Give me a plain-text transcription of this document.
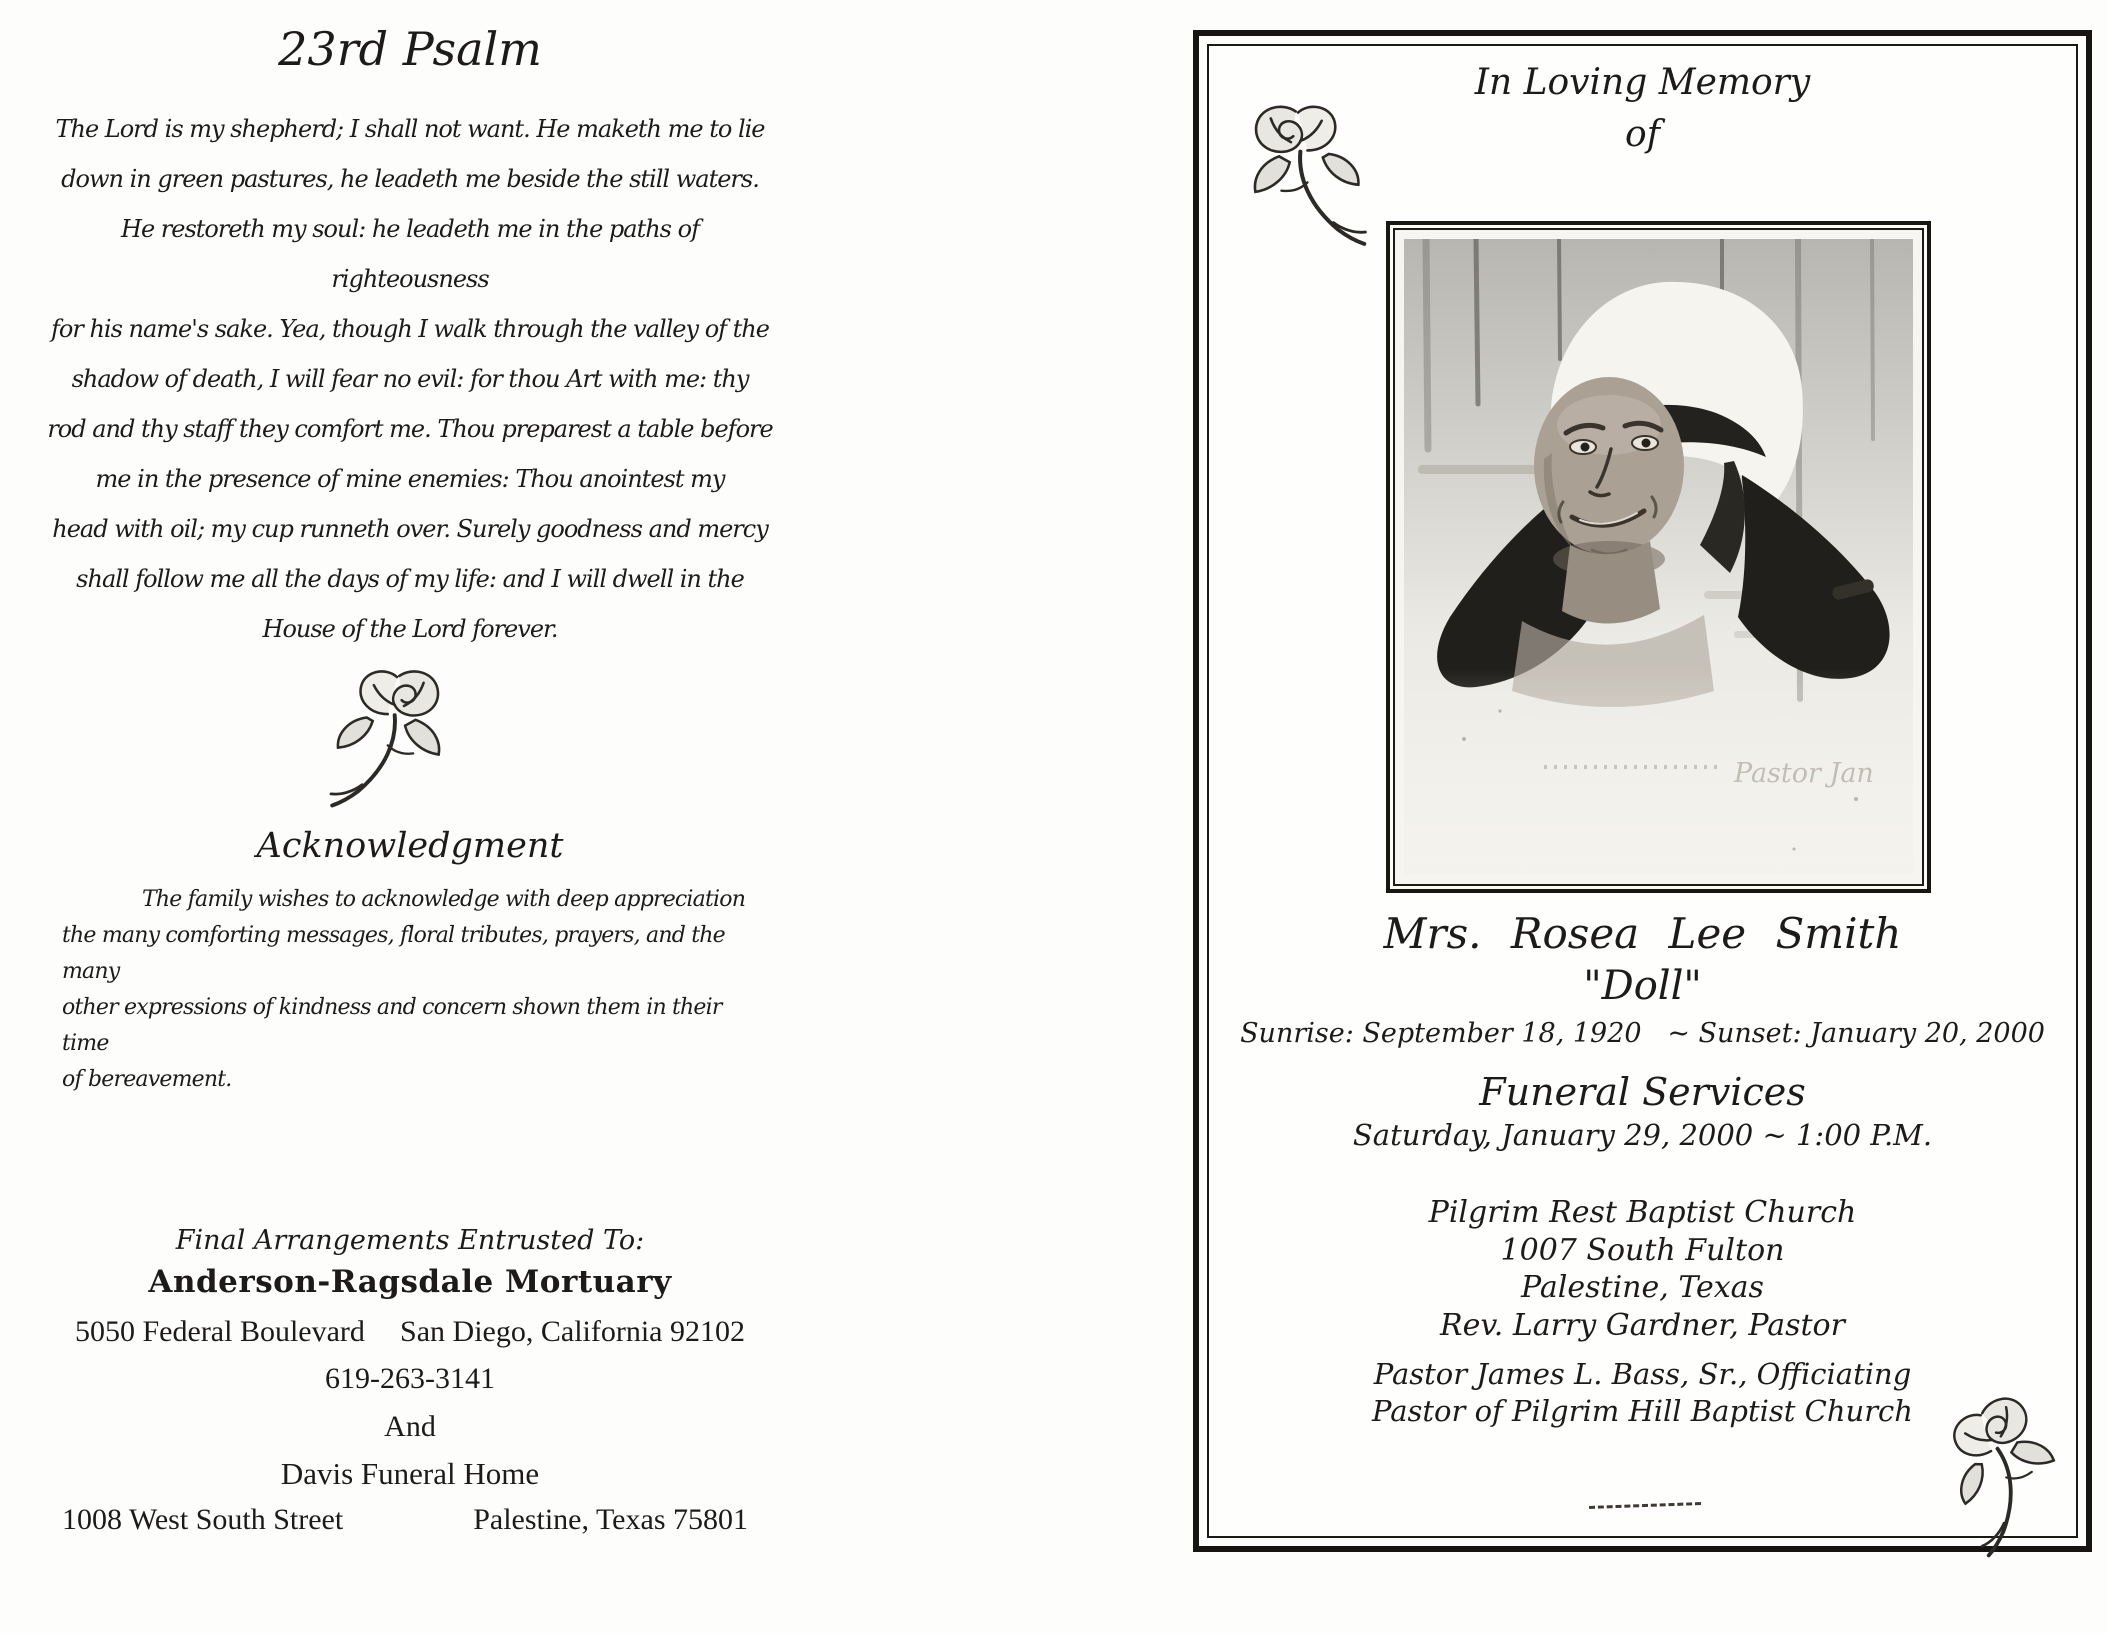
23rd Psalm
The Lord is my shepherd; I shall not want. He maketh me to lie
down in green pastures, he leadeth me beside the still waters.
He restoreth my soul: he leadeth me in the paths of righteousness
for his name's sake. Yea, though I walk through the valley of the
shadow of death, I will fear no evil: for thou Art with me: thy
rod and thy staff they comfort me. Thou preparest a table before
me in the presence of mine enemies: Thou anointest my
head with oil; my cup runneth over. Surely goodness and mercy
shall follow me all the days of my life: and I will dwell in the
House of the Lord forever.
Acknowledgment
The family wishes to acknowledge with deep appreciation
the many comforting messages, floral tributes, prayers, and the many
other expressions of kindness and concern shown them in their time
of bereavement.
Final Arrangements Entrusted To:
Anderson-Ragsdale Mortuary
5050 Federal Boulevard San Diego, California 92102
619-263-3141
And
Davis Funeral Home
1008 West South Street	Palestine, Texas 75801
In Loving Memory
of
Pastor Jan
Mrs. Rosea Lee Smith
"Doll"
Sunrise: September 18, 1920   ~ Sunset: January 20, 2000
Funeral Services
Saturday, January 29, 2000 ~ 1:00 P.M.
Pilgrim Rest Baptist Church
1007 South Fulton
Palestine, Texas
Rev. Larry Gardner, Pastor
Pastor James L. Bass, Sr., Officiating
Pastor of Pilgrim Hill Baptist Church
